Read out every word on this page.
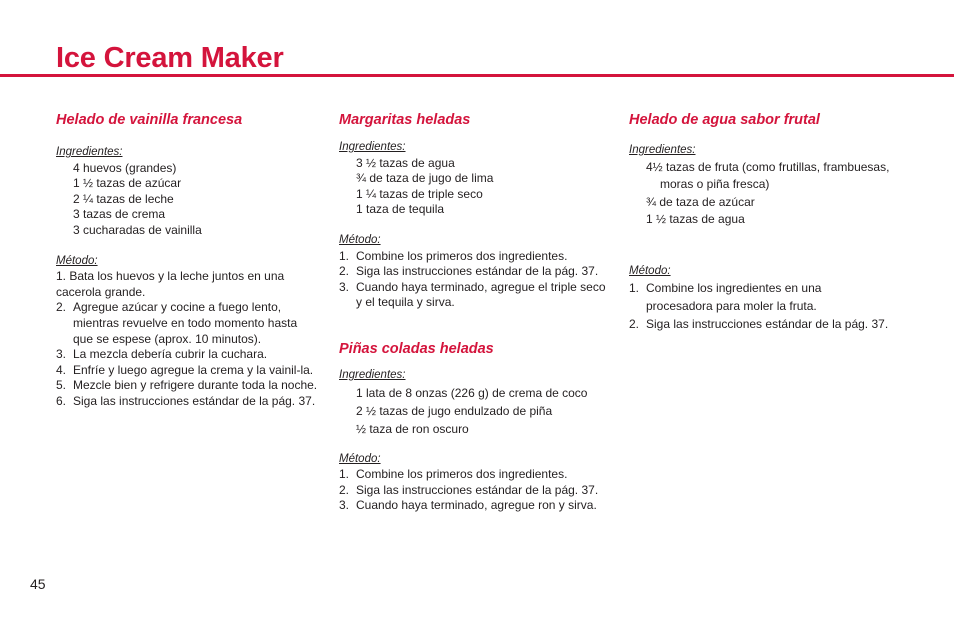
Ice Cream Maker
Helado de vainilla francesa

Ingredientes:

4 huevos (grandes)
1 ½ tazas de azúcar
2 ¼ tazas de leche
3 tazas de crema
3 cucharadas de vainilla

Método:

1. Bata los huevos y la leche juntos en una cacerola grande.
2. Agregue azúcar y cocine a fuego lento, mientras revuelve en todo momento hasta que se espese (aprox. 10 minutos).
3. La mezcla debería cubrir la cuchara.
4. Enfríe y luego agregue la crema y la vainil-la.
5. Mezcle bien y refrigere durante toda la noche.
6. Siga las instrucciones estándar de la pág. 37.
Margaritas heladas

Ingredientes:

3 ½ tazas de agua
¾ de taza de jugo de lima
1 ¼ tazas de triple seco
1 taza de tequila

Método:

1. Combine los primeros dos ingredientes.
2. Siga las instrucciones estándar de la pág. 37.
3. Cuando haya terminado, agregue el triple seco y el tequila y sirva.
Piñas coladas heladas

Ingredientes:

1 lata de 8 onzas (226 g) de crema de coco
2 ½ tazas de jugo endulzado de piña
½ taza de ron oscuro

Método:

1. Combine los primeros dos ingredientes.
2. Siga las instrucciones estándar de la pág. 37.
3. Cuando haya terminado, agregue ron y sirva.
Helado de agua sabor frutal

Ingredientes:

4½ tazas de fruta (como frutillas, frambuesas, moras o piña fresca)
¾ de taza de azúcar
1 ½ tazas de agua

Método:

1. Combine los ingredientes en una procesadora para moler la fruta.
2. Siga las instrucciones estándar de la pág. 37.
45
